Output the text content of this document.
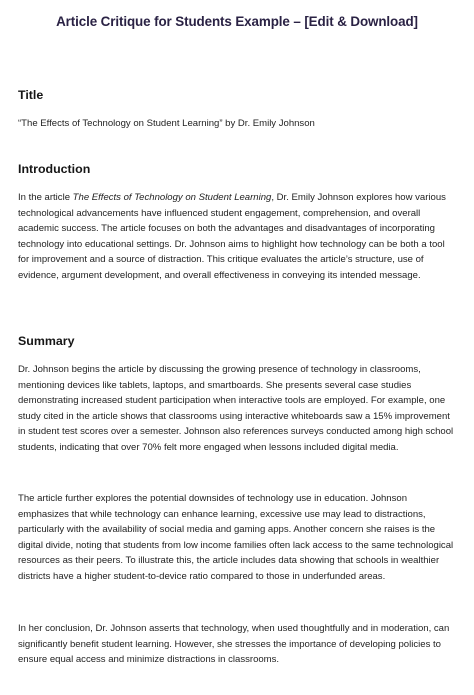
Article Critique for Students Example – [Edit & Download]
Title

“The Effects of Technology on Student Learning” by Dr. Emily Johnson

Introduction

In the article The Effects of Technology on Student Learning, Dr. Emily Johnson explores how various technological advancements have influenced student engagement, comprehension, and overall academic success. The article focuses on both the advantages and disadvantages of incorporating technology into educational settings. Dr. Johnson aims to highlight how technology can be both a tool for improvement and a source of distraction. This critique evaluates the article’s structure, use of evidence, argument development, and overall effectiveness in conveying its intended message.

Summary

Dr. Johnson begins the article by discussing the growing presence of technology in classrooms, mentioning devices like tablets, laptops, and smartboards. She presents several case studies demonstrating increased student participation when interactive tools are employed. For example, one study cited in the article shows that classrooms using interactive whiteboards saw a 15% improvement in student test scores over a semester. Johnson also references surveys conducted among high school students, indicating that over 70% felt more engaged when lessons included digital media.

The article further explores the potential downsides of technology use in education. Johnson emphasizes that while technology can enhance learning, excessive use may lead to distractions, particularly with the availability of social media and gaming apps. Another concern she raises is the digital divide, noting that students from low income families often lack access to the same technological resources as their peers. To illustrate this, the article includes data showing that schools in wealthier districts have a higher student-to-device ratio compared to those in underfunded areas.

In her conclusion, Dr. Johnson asserts that technology, when used thoughtfully and in moderation, can significantly benefit student learning. However, she stresses the importance of developing policies to ensure equal access and minimize distractions in classrooms.
